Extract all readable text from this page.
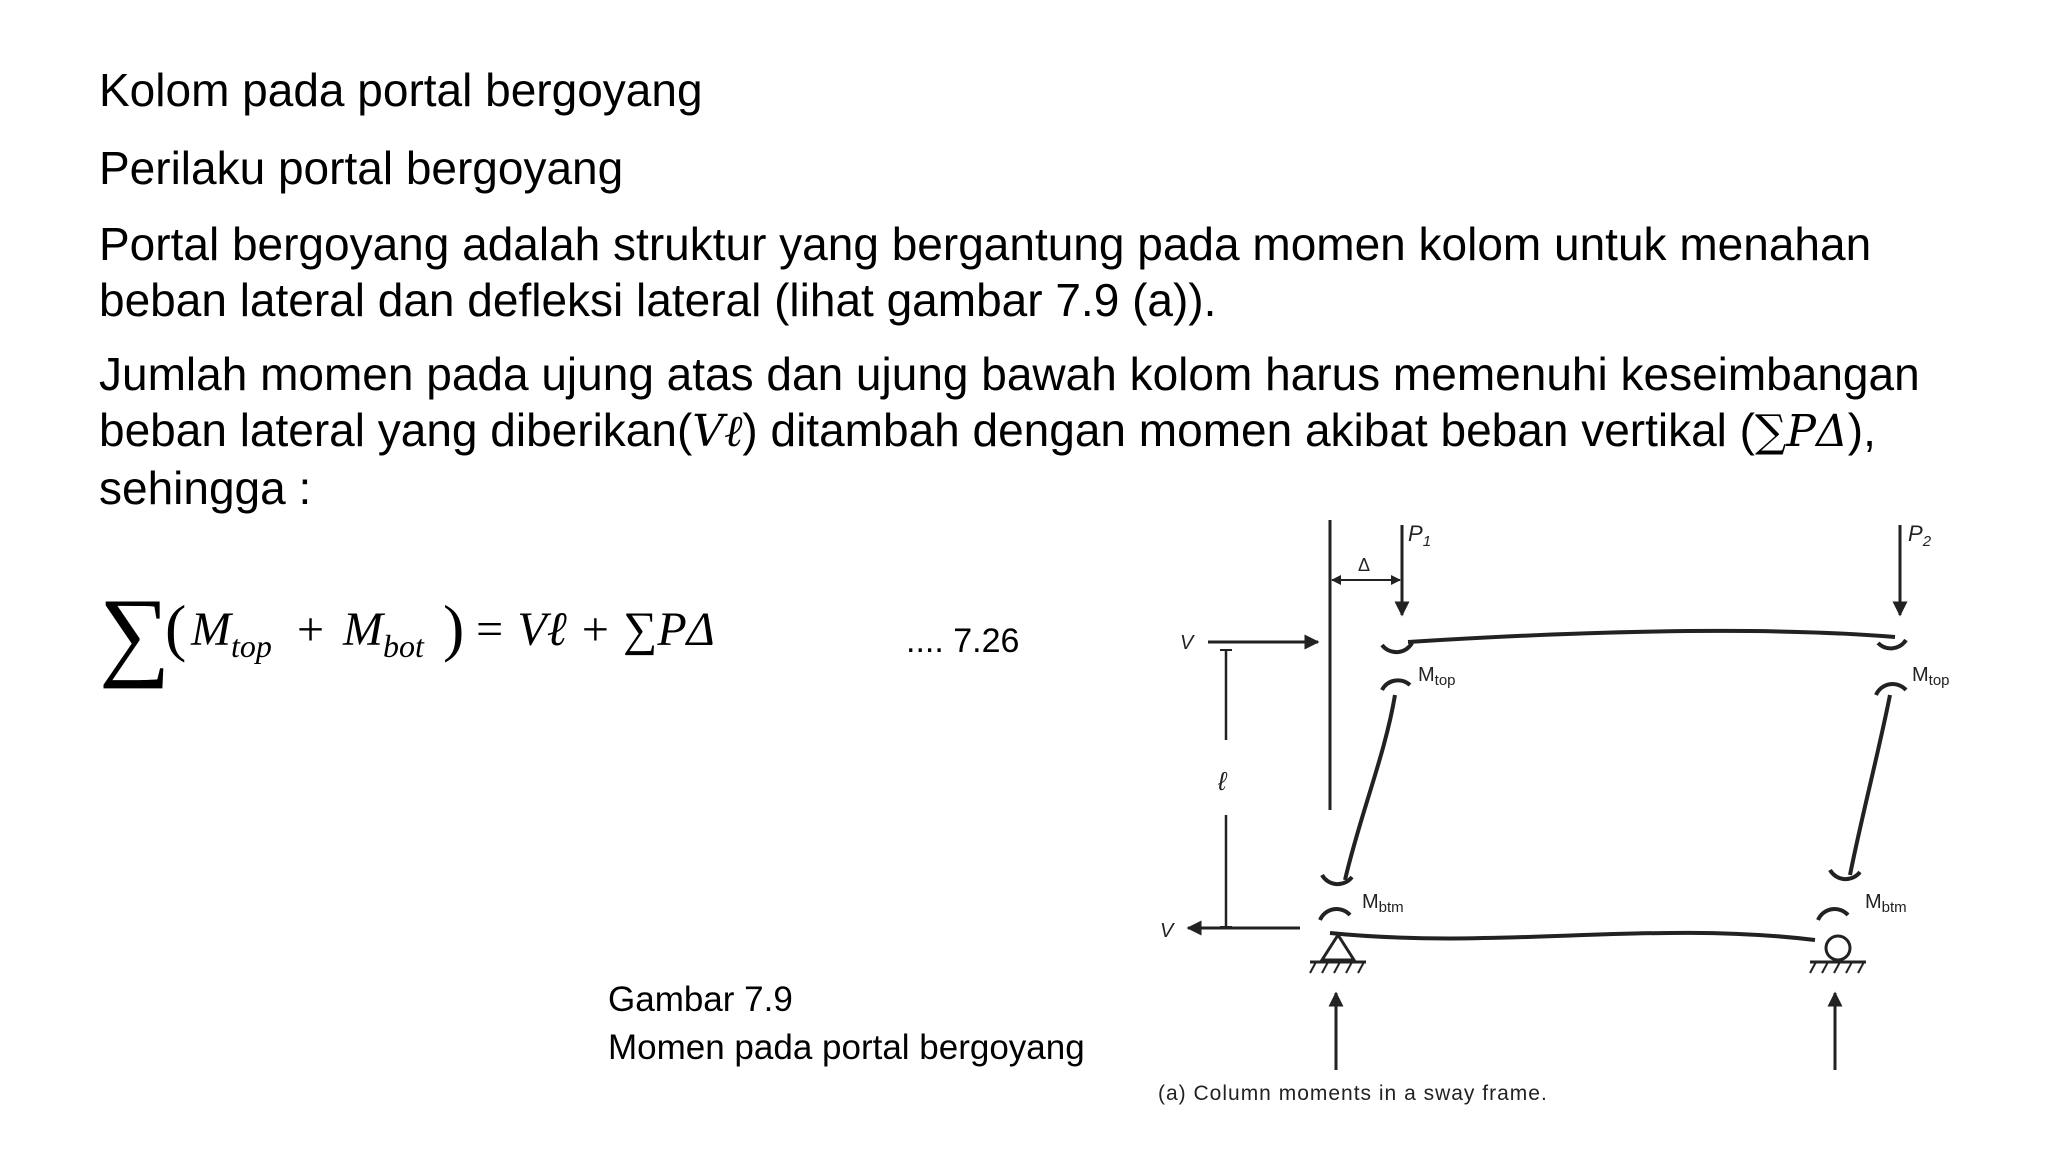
Kolom pada portal bergoyang

Perilaku portal bergoyang

Portal bergoyang adalah struktur yang bergantung pada momen kolom untuk menahan
beban lateral dan defleksi lateral (lihat gambar 7.9 (a)).
Jumlah momen pada ujung atas dan ujung bawah kolom harus memenuhi keseimbangan
beban lateral yang diberikan(Vℓ) ditambah dengan momen akibat beban vertikal (∑PΔ),
sehingga :
∑
( $M_{top} + M_{bot}$ ) = Vℓ + ∑PΔ	.... 7.26
Gambar 7.9
Momen pada portal bergoyang
$P_1$	$P_2$
Δ
V
ℓ
V
$M_{top}$	$M_{top}$
$M_{btm}$	$M_{btm}$
(a) Column moments in a sway frame.
